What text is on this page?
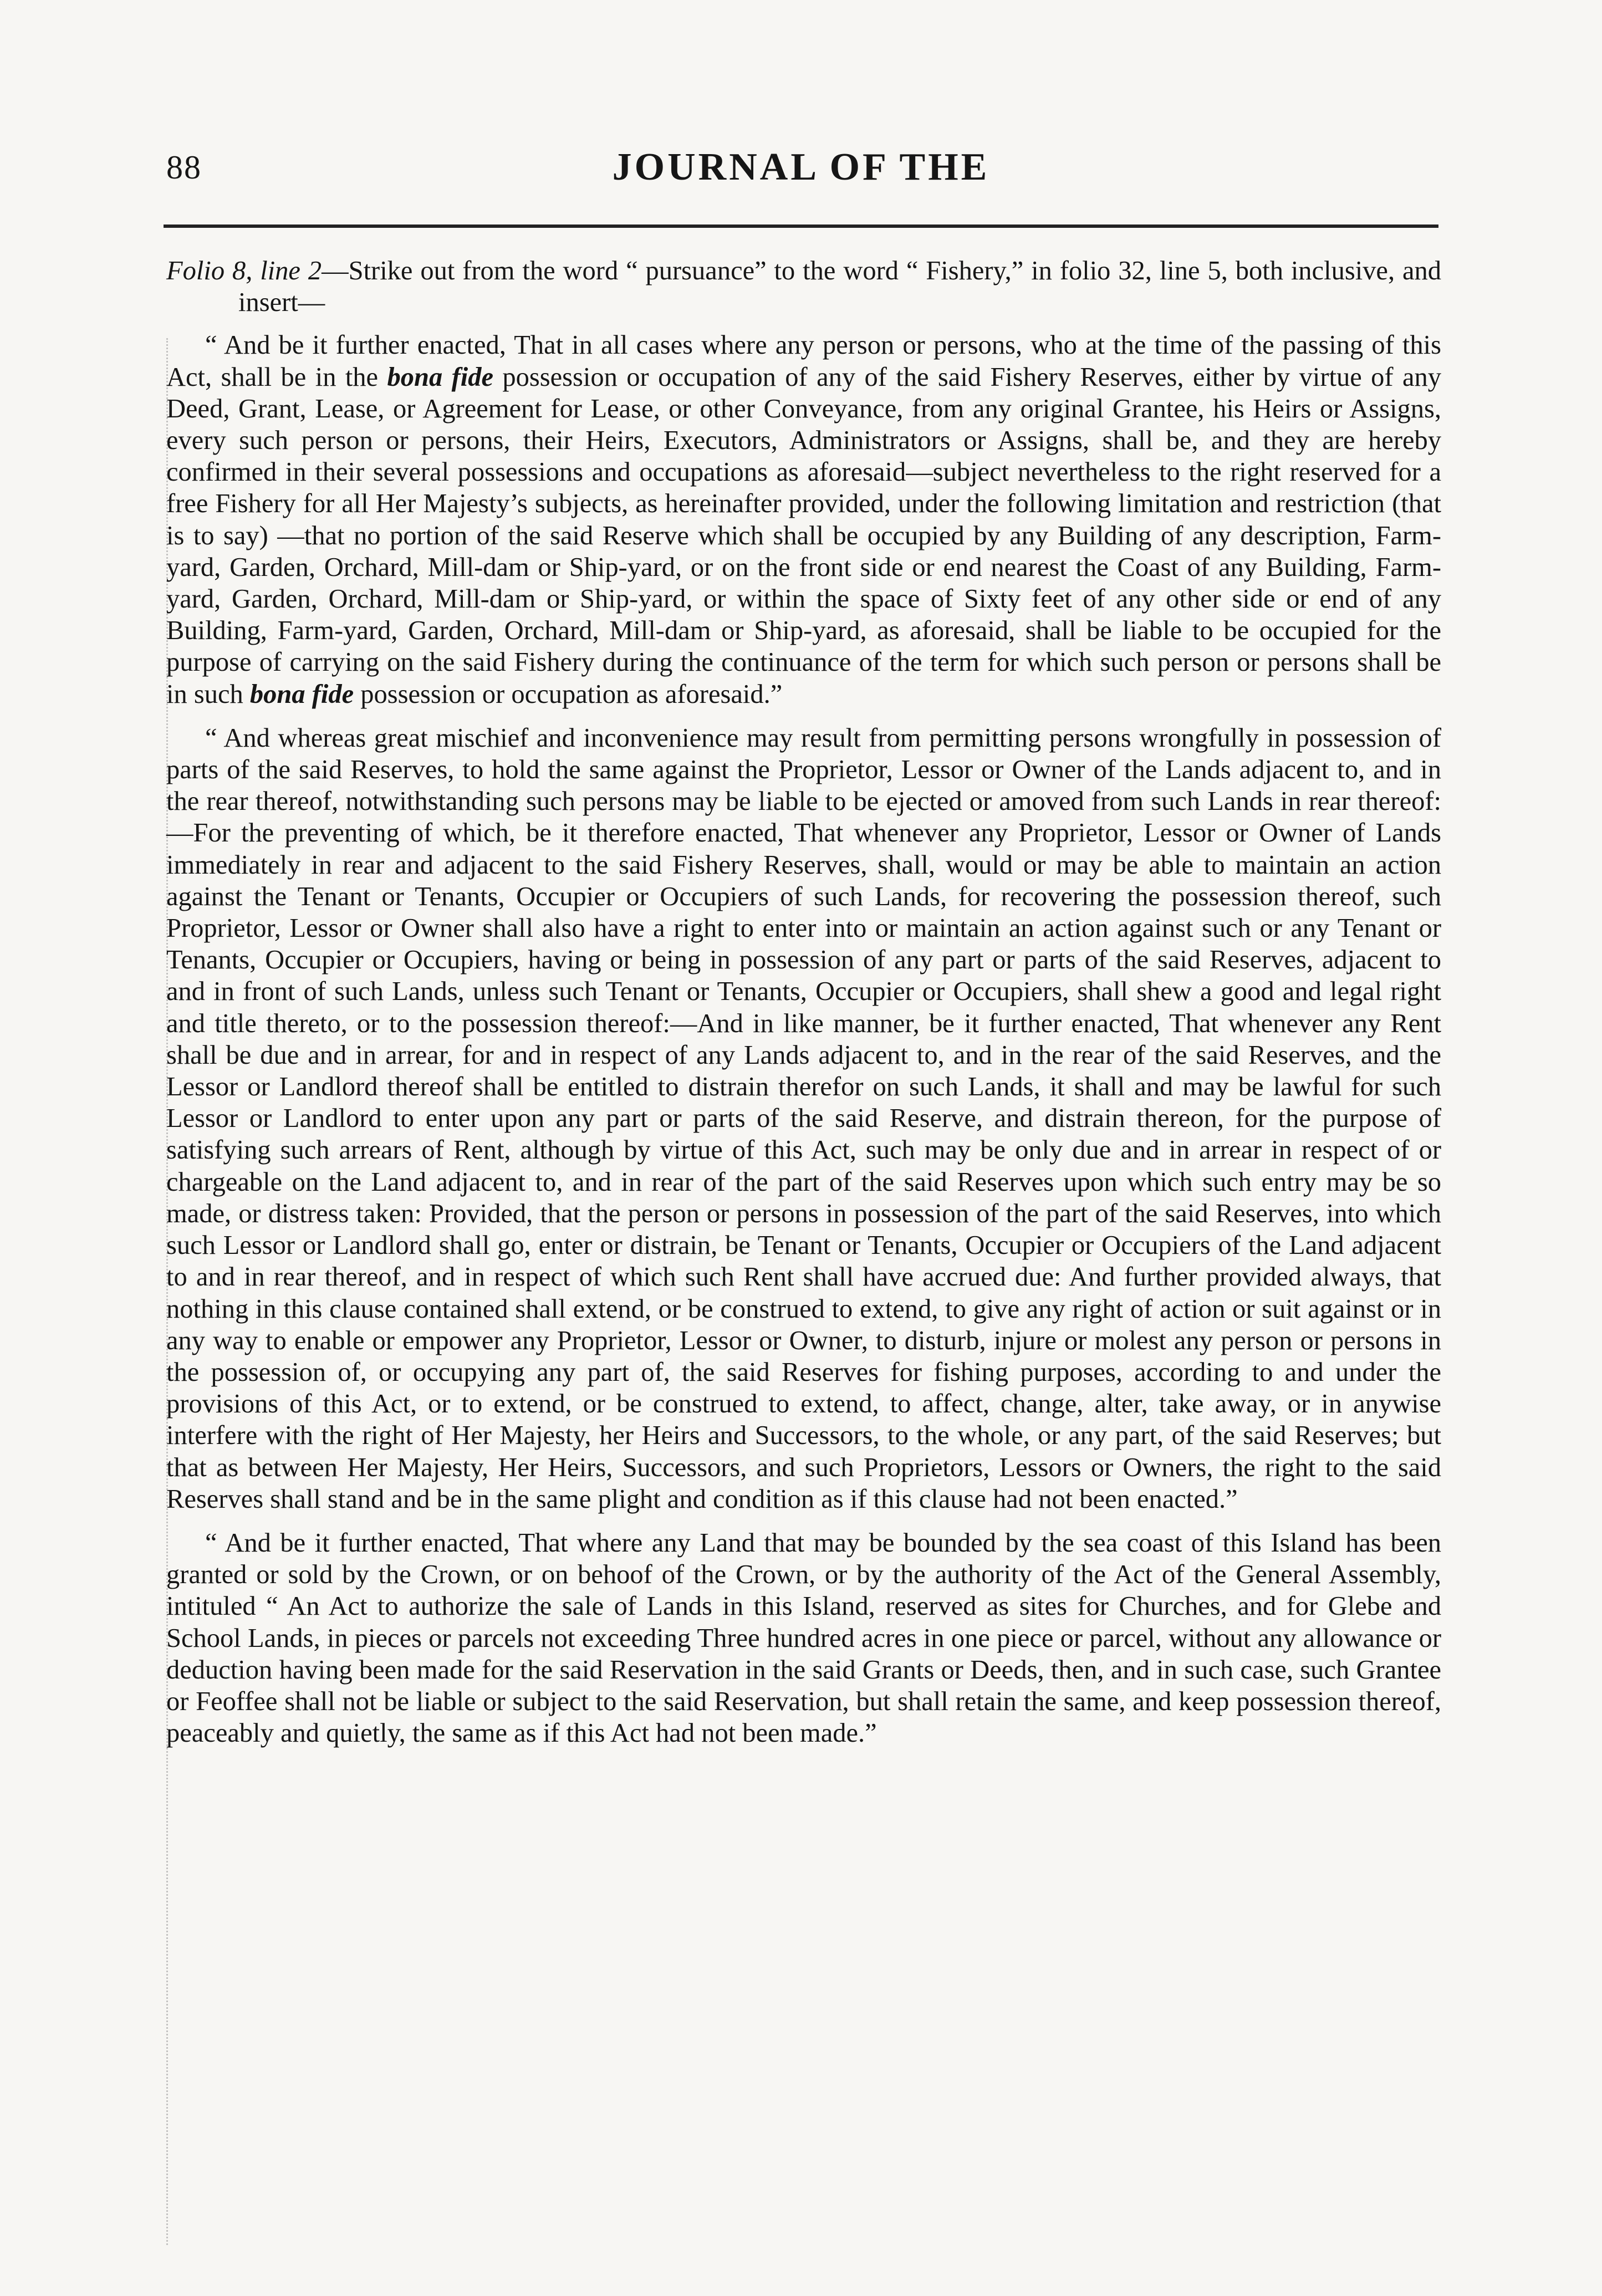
88	JOURNAL OF THE

Folio 8, line 2—Strike out from the word “ pursuance” to the word “ Fishery,” in folio 32, line 5, both inclusive, and insert—

“ And be it further enacted, That in all cases where any person or persons, who at the time of the passing of this Act, shall be in the bona fide possession or occupation of any of the said Fishery Reserves, either by virtue of any Deed, Grant, Lease, or Agreement for Lease, or other Conveyance, from any original Grantee, his Heirs or Assigns, every such person or persons, their Heirs, Executors, Administrators or Assigns, shall be, and they are hereby confirmed in their several possessions and occupations as aforesaid—subject nevertheless to the right reserved for a free Fishery for all Her Majesty’s subjects, as hereinafter provided, under the following limitation and restriction (that is to say) —that no portion of the said Reserve which shall be occupied by any Building of any description, Farm-yard, Garden, Orchard, Mill-dam or Ship-yard, or on the front side or end nearest the Coast of any Building, Farm-yard, Garden, Orchard, Mill-dam or Ship-yard, or within the space of Sixty feet of any other side or end of any Building, Farm-yard, Garden, Orchard, Mill-dam or Ship-yard, as aforesaid, shall be liable to be occupied for the purpose of carrying on the said Fishery during the continuance of the term for which such person or persons shall be in such bona fide possession or occupation as aforesaid.”

“ And whereas great mischief and inconvenience may result from permitting persons wrongfully in possession of parts of the said Reserves, to hold the same against the Proprietor, Lessor or Owner of the Lands adjacent to, and in the rear thereof, notwithstanding such persons may be liable to be ejected or amoved from such Lands in rear thereof:—For the preventing of which, be it therefore enacted, That whenever any Proprietor, Lessor or Owner of Lands immediately in rear and adjacent to the said Fishery Reserves, shall, would or may be able to maintain an action against the Tenant or Tenants, Occupier or Occupiers of such Lands, for recovering the possession thereof, such Proprietor, Lessor or Owner shall also have a right to enter into or maintain an action against such or any Tenant or Tenants, Occupier or Occupiers, having or being in possession of any part or parts of the said Reserves, adjacent to and in front of such Lands, unless such Tenant or Tenants, Occupier or Occupiers, shall shew a good and legal right and title thereto, or to the possession thereof:—And in like manner, be it further enacted, That whenever any Rent shall be due and in arrear, for and in respect of any Lands adjacent to, and in the rear of the said Reserves, and the Lessor or Landlord thereof shall be entitled to distrain therefor on such Lands, it shall and may be lawful for such Lessor or Landlord to enter upon any part or parts of the said Reserve, and distrain thereon, for the purpose of satisfying such arrears of Rent, although by virtue of this Act, such may be only due and in arrear in respect of or chargeable on the Land adjacent to, and in rear of the part of the said Reserves upon which such entry may be so made, or distress taken: Provided, that the person or persons in possession of the part of the said Reserves, into which such Lessor or Landlord shall go, enter or distrain, be Tenant or Tenants, Occupier or Occupiers of the Land adjacent to and in rear thereof, and in respect of which such Rent shall have accrued due: And further provided always, that nothing in this clause contained shall extend, or be construed to extend, to give any right of action or suit against or in any way to enable or empower any Proprietor, Lessor or Owner, to disturb, injure or molest any person or persons in the possession of, or occupying any part of, the said Reserves for fishing purposes, according to and under the provisions of this Act, or to extend, or be construed to extend, to affect, change, alter, take away, or in anywise interfere with the right of Her Majesty, her Heirs and Successors, to the whole, or any part, of the said Reserves; but that as between Her Majesty, Her Heirs, Successors, and such Proprietors, Lessors or Owners, the right to the said Reserves shall stand and be in the same plight and condition as if this clause had not been enacted.”

“ And be it further enacted, That where any Land that may be bounded by the sea coast of this Island has been granted or sold by the Crown, or on behoof of the Crown, or by the authority of the Act of the General Assembly, intituled “ An Act to authorize the sale of Lands in this Island, reserved as sites for Churches, and for Glebe and School Lands, in pieces or parcels not exceeding Three hundred acres in one piece or parcel, without any allowance or deduction having been made for the said Reservation in the said Grants or Deeds, then, and in such case, such Grantee or Feoffee shall not be liable or subject to the said Reservation, but shall retain the same, and keep possession thereof, peaceably and quietly, the same as if this Act had not been made.”
